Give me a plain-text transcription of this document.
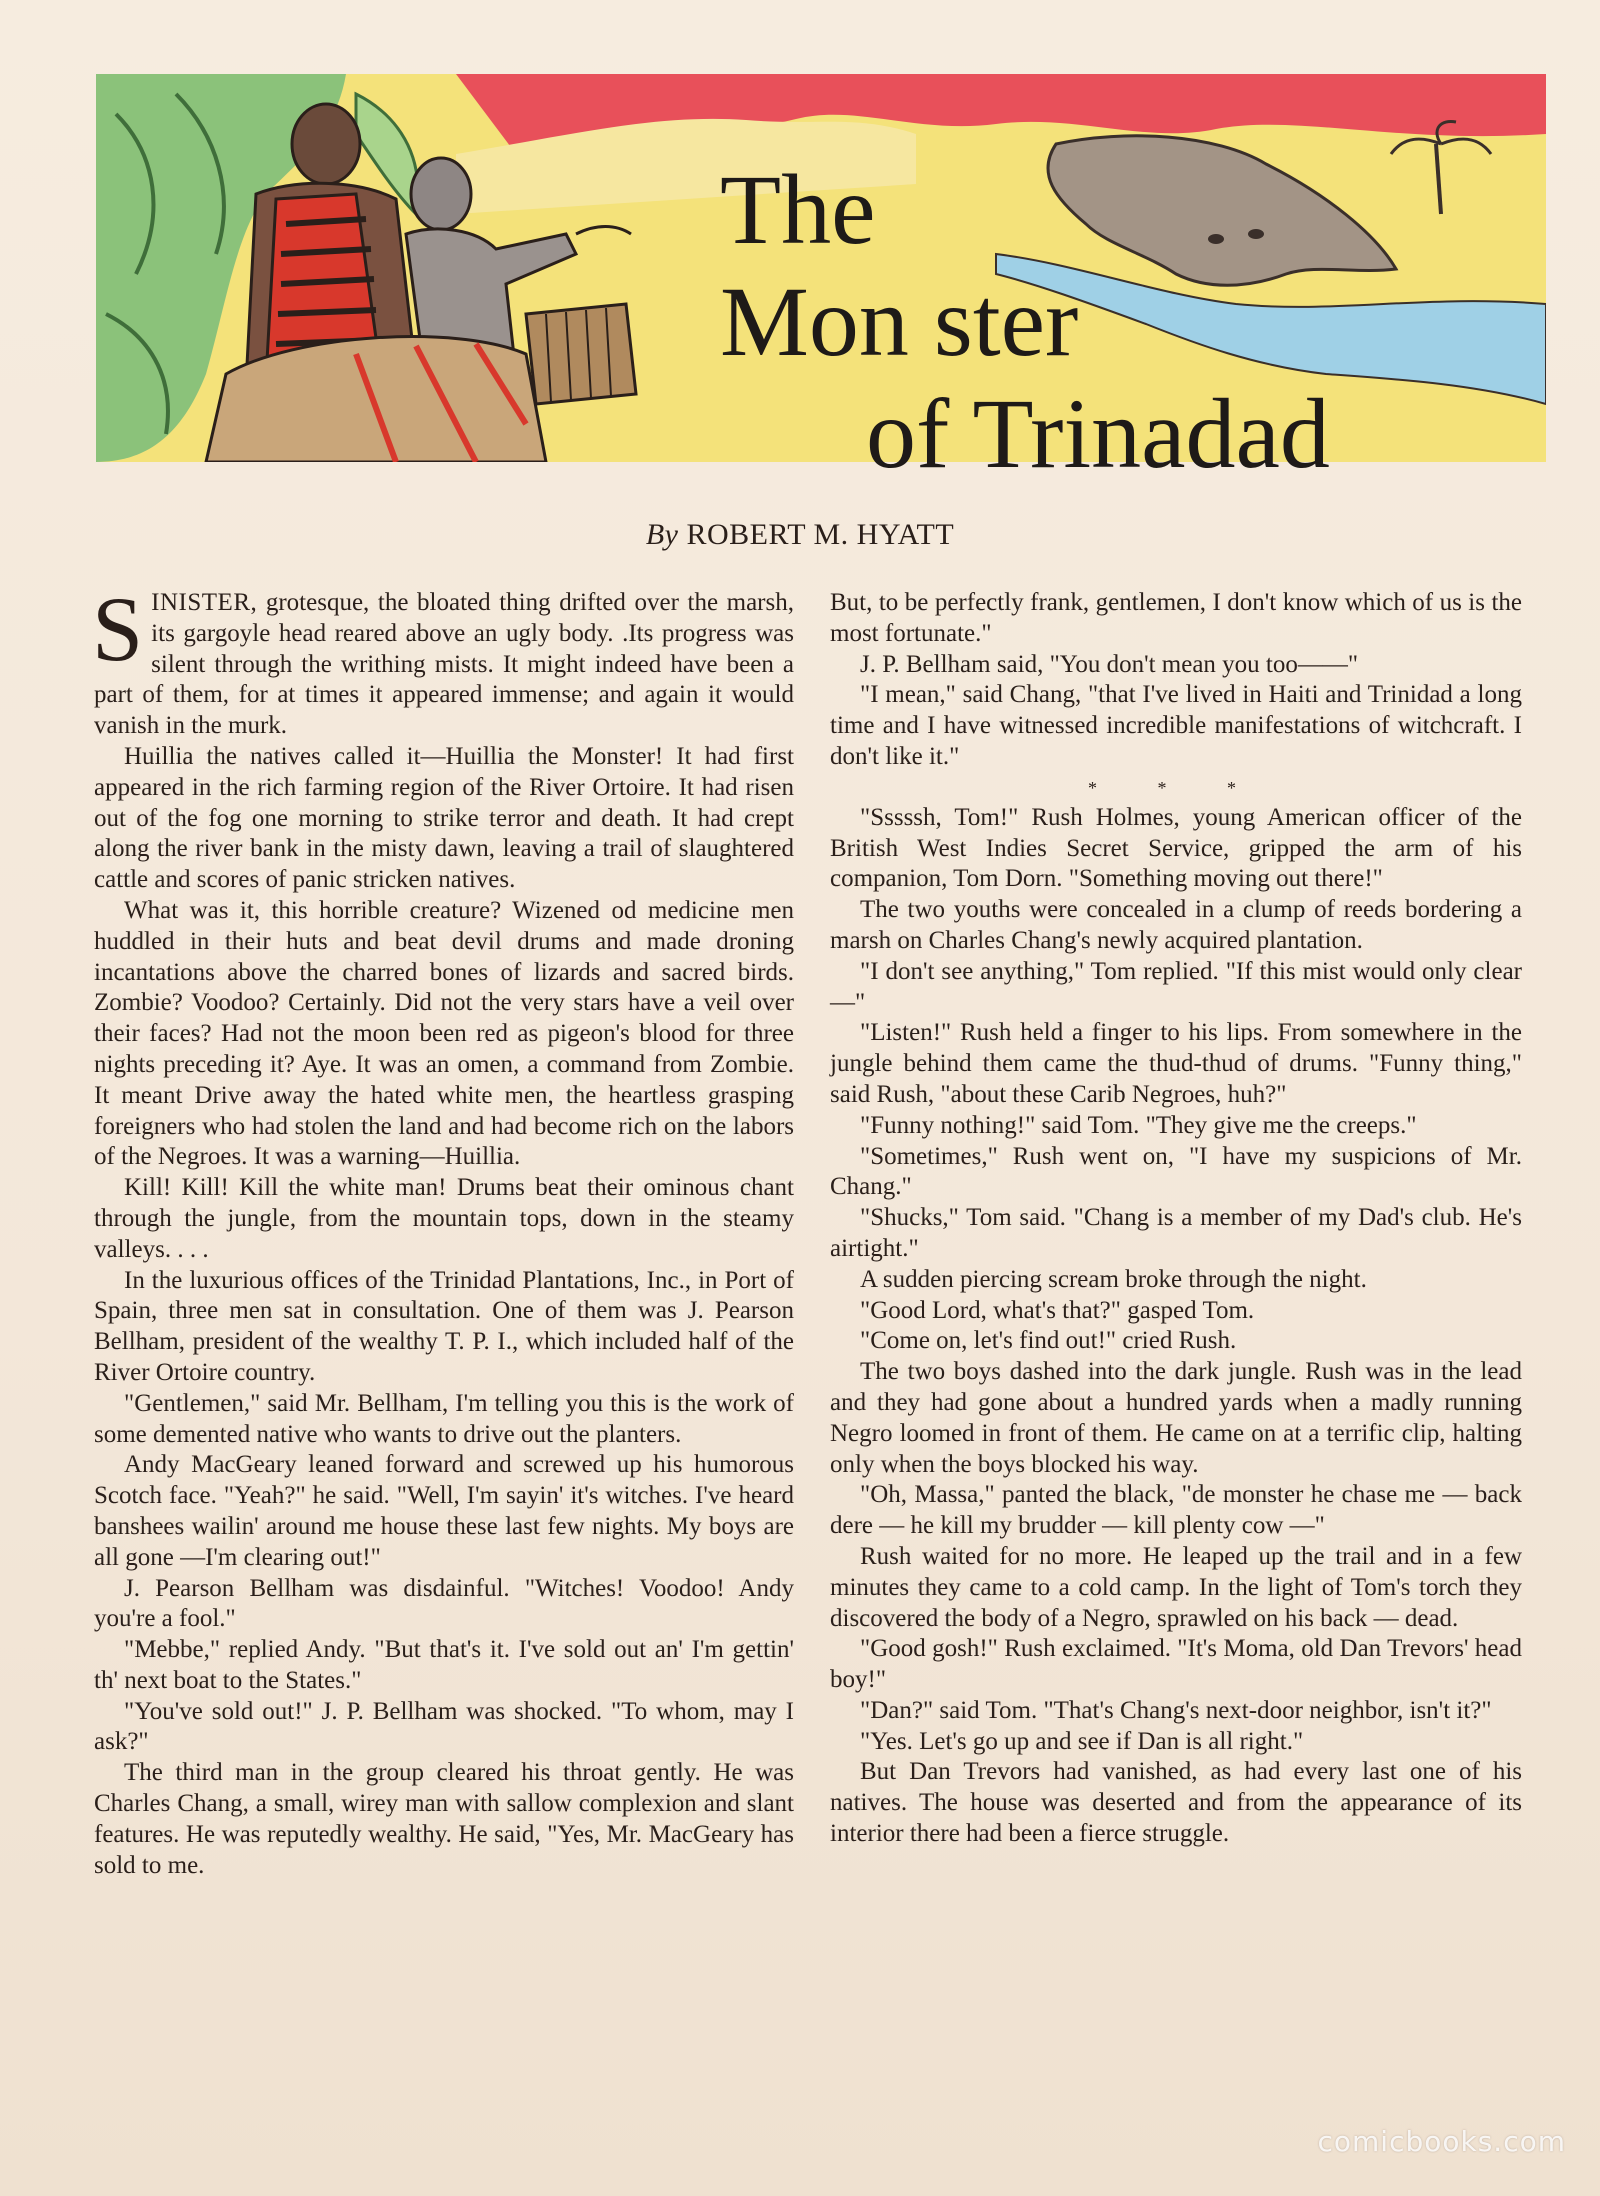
The
Mon ster
of Trinadad
By ROBERT M. HYATT

SINISTER, grotesque, the bloated thing drifted over the marsh, its gargoyle head reared above an ugly body. .Its progress was silent through the writhing mists. It might indeed have been a part of them, for at times it appeared immense; and again it would vanish in the murk.

Huillia the natives called it—Huillia the Monster! It had first appeared in the rich farming region of the River Ortoire. It had risen out of the fog one morning to strike terror and death. It had crept along the river bank in the misty dawn, leaving a trail of slaughtered cattle and scores of panic stricken natives.

What was it, this horrible creature? Wizened od medicine men huddled in their huts and beat devil drums and made droning incantations above the charred bones of lizards and sacred birds. Zombie? Voodoo? Certainly. Did not the very stars have a veil over their faces? Had not the moon been red as pigeon's blood for three nights preceding it? Aye. It was an omen, a command from Zombie. It meant Drive away the hated white men, the heartless grasping foreigners who had stolen the land and had become rich on the labors of the Negroes. It was a warning—Huillia.

Kill! Kill! Kill the white man! Drums beat their ominous chant through the jungle, from the mountain tops, down in the steamy valleys. . . .

In the luxurious offices of the Trinidad Plantations, Inc., in Port of Spain, three men sat in consultation. One of them was J. Pearson Bellham, president of the wealthy T. P. I., which included half of the River Ortoire country.

"Gentlemen," said Mr. Bellham, I'm telling you this is the work of some demented native who wants to drive out the planters.

Andy MacGeary leaned forward and screwed up his humorous Scotch face. "Yeah?" he said. "Well, I'm sayin' it's witches. I've heard banshees wailin' around me house these last few nights. My boys are all gone —I'm clearing out!"

J. Pearson Bellham was disdainful. "Witches! Voodoo! Andy you're a fool."

"Mebbe," replied Andy. "But that's it. I've sold out an' I'm gettin' th' next boat to the States."

"You've sold out!" J. P. Bellham was shocked. "To whom, may I ask?"

The third man in the group cleared his throat gently. He was Charles Chang, a small, wirey man with sallow complexion and slant features. He was reputedly wealthy. He said, "Yes, Mr. MacGeary has sold to me.

But, to be perfectly frank, gentlemen, I don't know which of us is the most fortunate."

J. P. Bellham said, "You don't mean you too——"

"I mean," said Chang, "that I've lived in Haiti and Trinidad a long time and I have witnessed incredible manifestations of witchcraft. I don't like it."

* * *

"Sssssh, Tom!" Rush Holmes, young American officer of the British West Indies Secret Service, gripped the arm of his companion, Tom Dorn. "Something moving out there!"

The two youths were concealed in a clump of reeds bordering a marsh on Charles Chang's newly acquired plantation.

"I don't see anything," Tom replied. "If this mist would only clear—"

"Listen!" Rush held a finger to his lips. From somewhere in the jungle behind them came the thud-thud of drums. "Funny thing," said Rush, "about these Carib Negroes, huh?"

"Funny nothing!" said Tom. "They give me the creeps."

"Sometimes," Rush went on, "I have my suspicions of Mr. Chang."

"Shucks," Tom said. "Chang is a member of my Dad's club. He's airtight."

A sudden piercing scream broke through the night.

"Good Lord, what's that?" gasped Tom.

"Come on, let's find out!" cried Rush.

The two boys dashed into the dark jungle. Rush was in the lead and they had gone about a hundred yards when a madly running Negro loomed in front of them. He came on at a terrific clip, halting only when the boys blocked his way.

"Oh, Massa," panted the black, "de monster he chase me — back dere — he kill my brudder — kill plenty cow —"

Rush waited for no more. He leaped up the trail and in a few minutes they came to a cold camp. In the light of Tom's torch they discovered the body of a Negro, sprawled on his back — dead.

"Good gosh!" Rush exclaimed. "It's Moma, old Dan Trevors' head boy!"

"Dan?" said Tom. "That's Chang's next-door neighbor, isn't it?"

"Yes. Let's go up and see if Dan is all right."

But Dan Trevors had vanished, as had every last one of his natives. The house was deserted and from the appearance of its interior there had been a fierce struggle.

comicbooks.com
